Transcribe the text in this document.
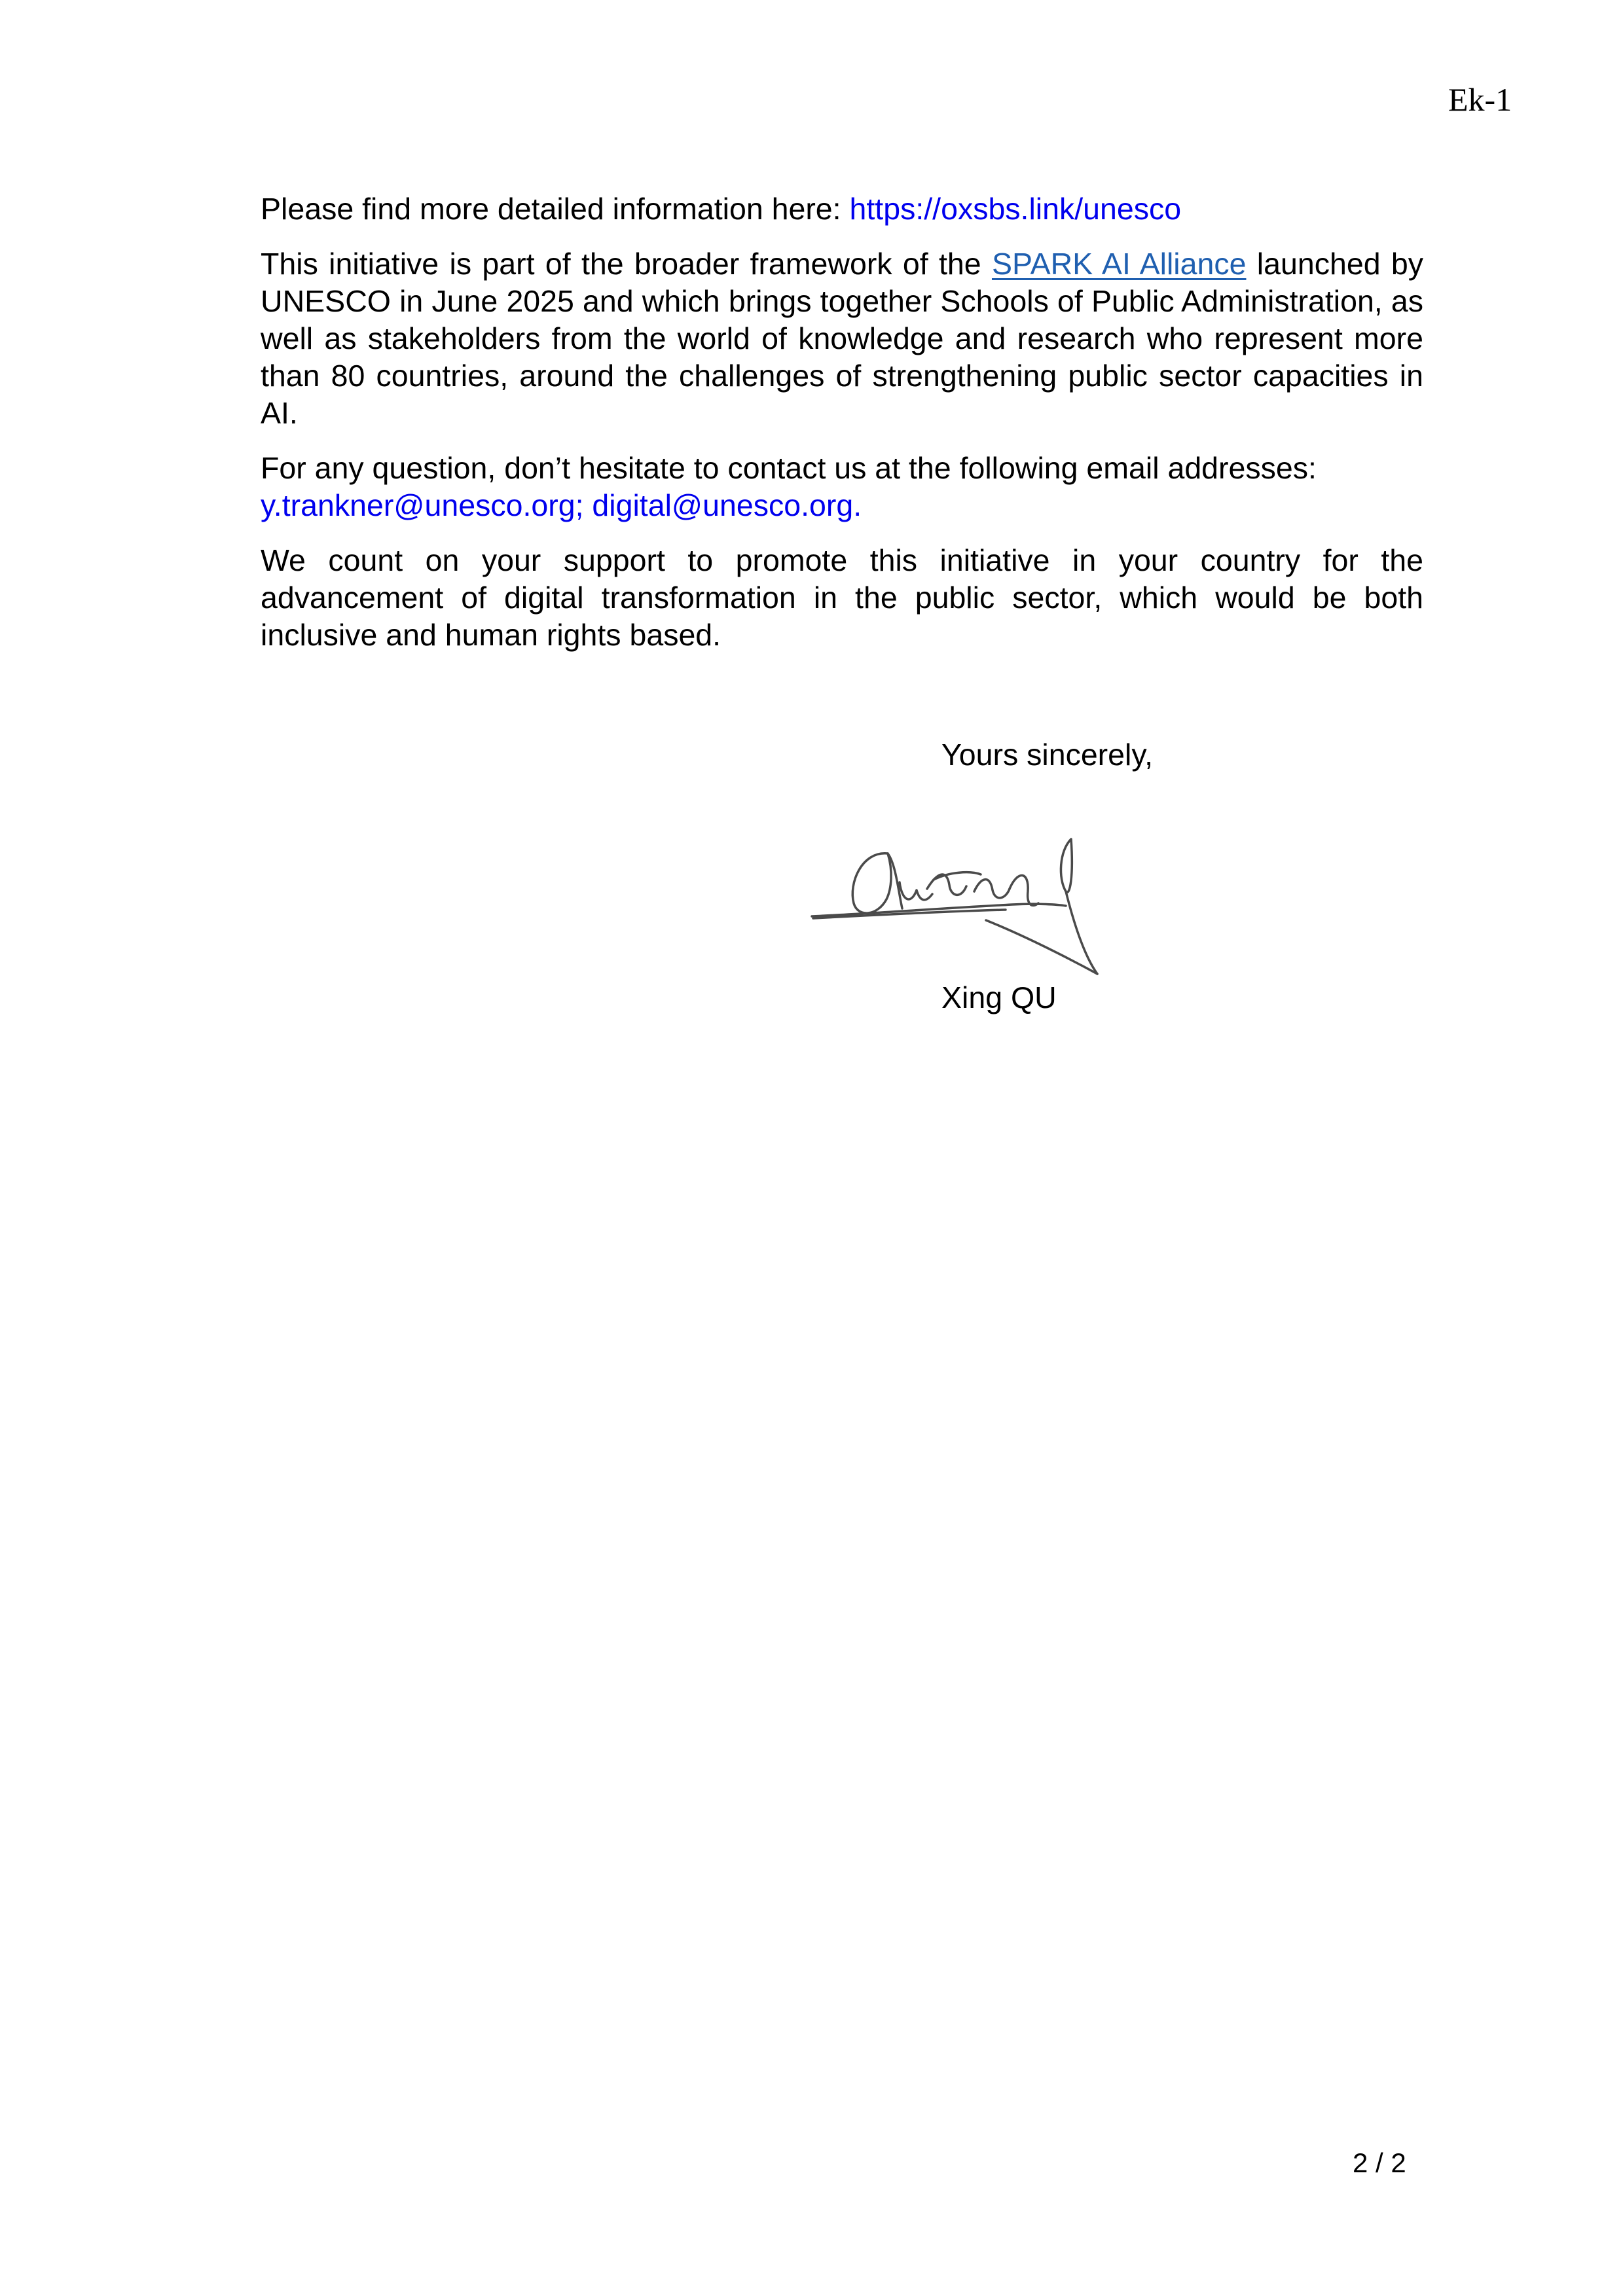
Ek-1

Please find more detailed information here: https://oxsbs.link/unesco

This initiative is part of the broader framework of the SPARK AI Alliance launched by UNESCO in June 2025 and which brings together Schools of Public Administration, as well as stakeholders from the world of knowledge and research who represent more than 80 countries, around the challenges of strengthening public sector capacities in AI.

For any question, don’t hesitate to contact us at the following email addresses:
y.trankner@unesco.org; digital@unesco.org.

We count on your support to promote this initiative in your country for the advancement of digital transformation in the public sector, which would be both inclusive and human rights based.

Yours sincerely,
Xing QU
2 / 2
